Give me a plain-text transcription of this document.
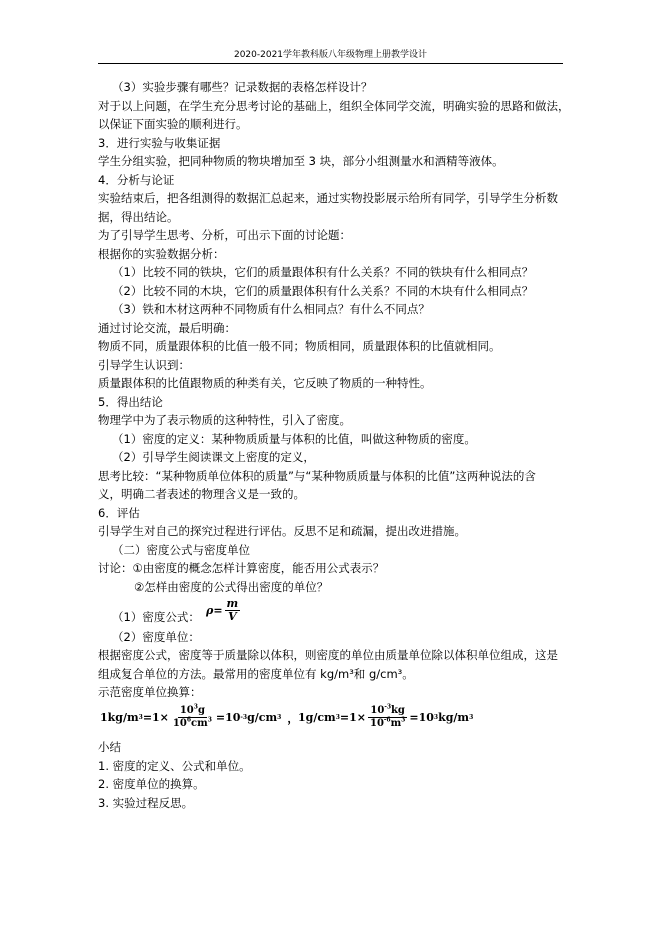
2020-2021学年教科版八年级物理上册教学设计
（3）实验步骤有哪些？记录数据的表格怎样设计？
对于以上问题，在学生充分思考讨论的基础上，组织全体同学交流，明确实验的思路和做法，
以保证下面实验的顺利进行。
3．进行实验与收集证据
学生分组实验，把同种物质的物块增加至 3 块，部分小组测量水和酒精等液体。
4．分析与论证
实验结束后，把各组测得的数据汇总起来，通过实物投影展示给所有同学，引导学生分析数
据，得出结论。
为了引导学生思考、分析，可出示下面的讨论题：
根据你的实验数据分析：
（1）比较不同的铁块，它们的质量跟体积有什么关系？不同的铁块有什么相同点？
（2）比较不同的木块，它们的质量跟体积有什么关系？不同的木块有什么相同点？
（3）铁和木材这两种不同物质有什么相同点？有什么不同点？
通过讨论交流，最后明确：
物质不同，质量跟体积的比值一般不同；物质相同，质量跟体积的比值就相同。
引导学生认识到：
质量跟体积的比值跟物质的种类有关，它反映了物质的一种特性。
5．得出结论
物理学中为了表示物质的这种特性，引入了密度。
（1）密度的定义：某种物质质量与体积的比值，叫做这种物质的密度。
（2）引导学生阅读课文上密度的定义，
思考比较：“某种物质单位体积的质量”与“某种物质质量与体积的比值”这两种说法的含
义，明确二者表述的物理含义是一致的。
6．评估
引导学生对自己的探究过程进行评估。反思不足和疏漏，提出改进措施。
（二）密度公式与密度单位
讨论：①由密度的概念怎样计算密度，能否用公式表示？
②怎样由密度的公式得出密度的单位？
（1）密度公式： $\rho= \frac{m}{V}$
（2）密度单位：
根据密度公式，密度等于质量除以体积，则密度的单位由质量单位除以体积单位组成，这是
组成复合单位的方法。最常用的密度单位有 kg/m³和 g/cm³。
示范密度单位换算：
1kg/m $3 =1\times \frac{10^3g}{10^6cm^3} =10$ -3 g/cm 3 ， 1g/cm $3 =1\times \frac{10^{-3}kg}{10^{-6}m^3} =10$ 3 kg/m 3
小结
1. 密度的定义、公式和单位。
2. 密度单位的换算。
3. 实验过程反思。
